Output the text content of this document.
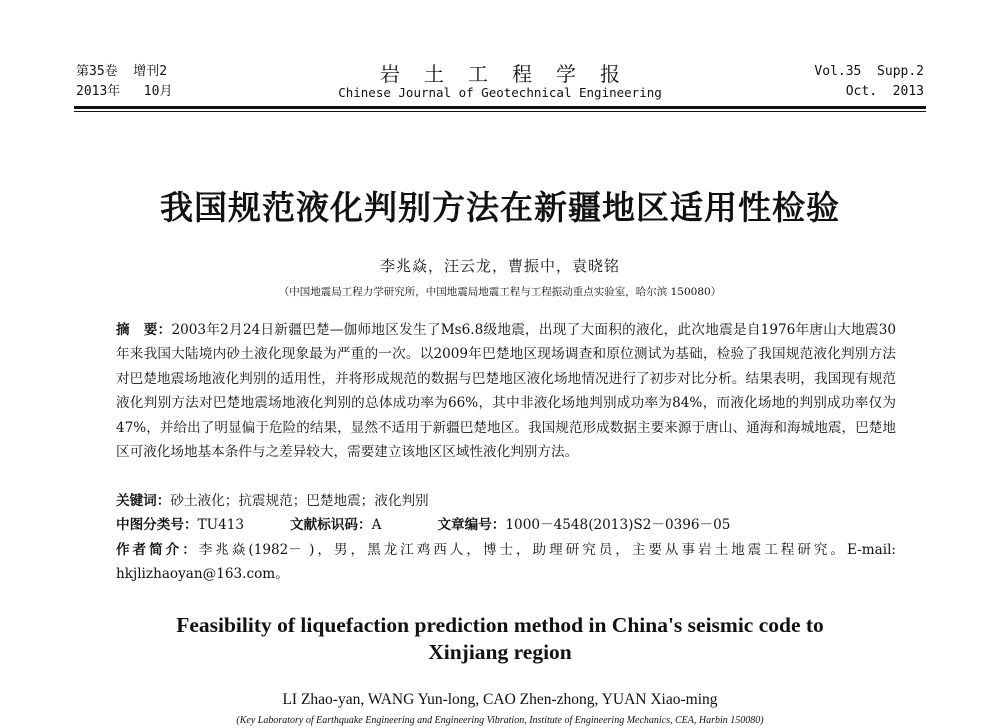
第35卷  增刊2
2013年   10月
岩土工程学报
Chinese Journal of Geotechnical Engineering
Vol.35  Supp.2
Oct.  2013
我国规范液化判别方法在新疆地区适用性检验
李兆焱，汪云龙，曹振中，袁晓铭
（中国地震局工程力学研究所，中国地震局地震工程与工程振动重点实验室，哈尔滨 150080）
摘　要：2003年2月24日新疆巴楚—伽师地区发生了Ms6.8级地震，出现了大面积的液化，此次地震是自1976年唐山大地震30年来我国大陆境内砂土液化现象最为严重的一次。以2009年巴楚地区现场调查和原位测试为基础，检验了我国规范液化判别方法对巴楚地震场地液化判别的适用性，并将形成规范的数据与巴楚地区液化场地情况进行了初步对比分析。结果表明，我国现有规范液化判别方法对巴楚地震场地液化判别的总体成功率为66%，其中非液化场地判别成功率为84%，而液化场地的判别成功率仅为47%，并给出了明显偏于危险的结果，显然不适用于新疆巴楚地区。我国规范形成数据主要来源于唐山、通海和海城地震，巴楚地区可液化场地基本条件与之差异较大，需要建立该地区区域性液化判别方法。
关键词：砂土液化；抗震规范；巴楚地震；液化判别
中图分类号：TU413	文献标识码：A	文章编号：1000－4548(2013)S2－0396－05
作者简介：李兆焱(1982－ )，男，黑龙江鸡西人，博士，助理研究员，主要从事岩土地震工程研究。E-mail: hkjlizhaoyan@163.com。
Feasibility of liquefaction prediction method in China's seismic code to
Xinjiang region
LI Zhao-yan, WANG Yun-long, CAO Zhen-zhong, YUAN Xiao-ming
(Key Laboratory of Earthquake Engineering and Engineering Vibration, Institute of Engineering Mechanics, CEA, Harbin 150080)
